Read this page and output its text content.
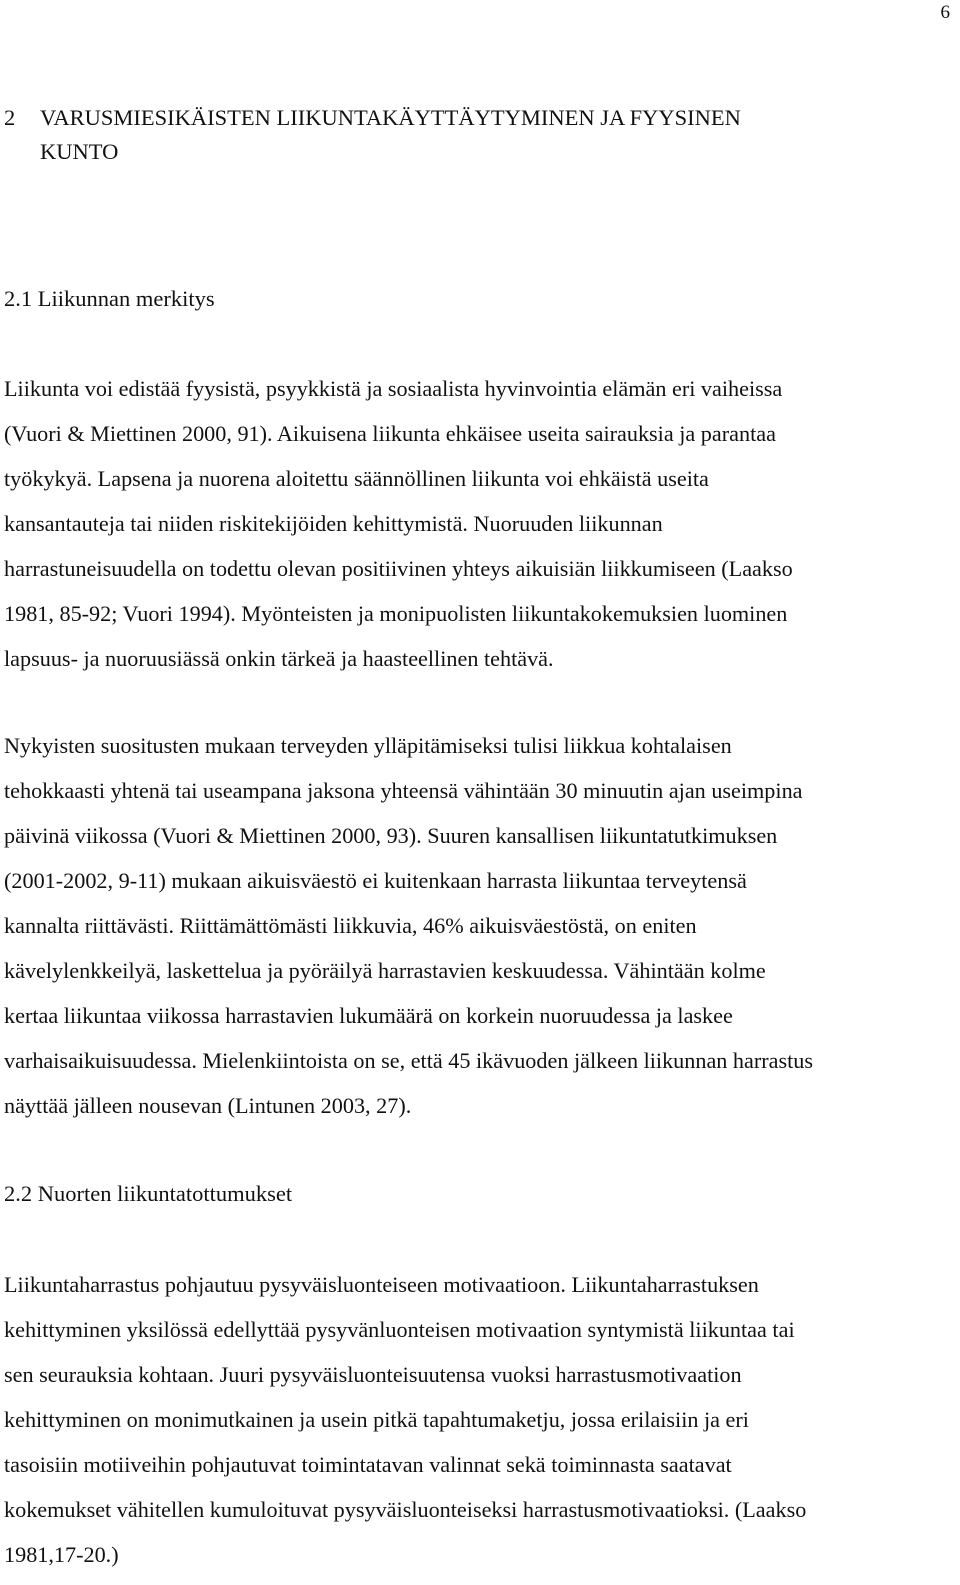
6
2 VARUSMIESIKÄISTEN LIIKUNTAKÄYTTÄYTYMINEN JA FYYSINEN
KUNTO
2.1 Liikunnan merkitys

Liikunta voi edistää fyysistä, psyykkistä ja sosiaalista hyvinvointia elämän eri vaiheissa
(Vuori & Miettinen 2000, 91). Aikuisena liikunta ehkäisee useita sairauksia ja parantaa
työkykyä. Lapsena ja nuorena aloitettu säännöllinen liikunta voi ehkäistä useita
kansantauteja tai niiden riskitekijöiden kehittymistä. Nuoruuden liikunnan
harrastuneisuudella on todettu olevan positiivinen yhteys aikuisiän liikkumiseen (Laakso
1981, 85-92; Vuori 1994). Myönteisten ja monipuolisten liikuntakokemuksien luominen
lapsuus- ja nuoruusiässä onkin tärkeä ja haasteellinen tehtävä.

Nykyisten suositusten mukaan terveyden ylläpitämiseksi tulisi liikkua kohtalaisen
tehokkaasti yhtenä tai useampana jaksona yhteensä vähintään 30 minuutin ajan useimpina
päivinä viikossa (Vuori & Miettinen 2000, 93). Suuren kansallisen liikuntatutkimuksen
(2001-2002, 9-11) mukaan aikuisväestö ei kuitenkaan harrasta liikuntaa terveytensä
kannalta riittävästi. Riittämättömästi liikkuvia, 46% aikuisväestöstä, on eniten
kävelylenkkeilyä, laskettelua ja pyöräilyä harrastavien keskuudessa. Vähintään kolme
kertaa liikuntaa viikossa harrastavien lukumäärä on korkein nuoruudessa ja laskee
varhaisaikuisuudessa. Mielenkiintoista on se, että 45 ikävuoden jälkeen liikunnan harrastus
näyttää jälleen nousevan (Lintunen 2003, 27).

2.2 Nuorten liikuntatottumukset

Liikuntaharrastus pohjautuu pysyväisluonteiseen motivaatioon. Liikuntaharrastuksen
kehittyminen yksilössä edellyttää pysyvänluonteisen motivaation syntymistä liikuntaa tai
sen seurauksia kohtaan. Juuri pysyväisluonteisuutensa vuoksi harrastusmotivaation
kehittyminen on monimutkainen ja usein pitkä tapahtumaketju, jossa erilaisiin ja eri
tasoisiin motiiveihin pohjautuvat toimintatavan valinnat sekä toiminnasta saatavat
kokemukset vähitellen kumuloituvat pysyväisluonteiseksi harrastusmotivaatioksi. (Laakso
1981,17-20.)
